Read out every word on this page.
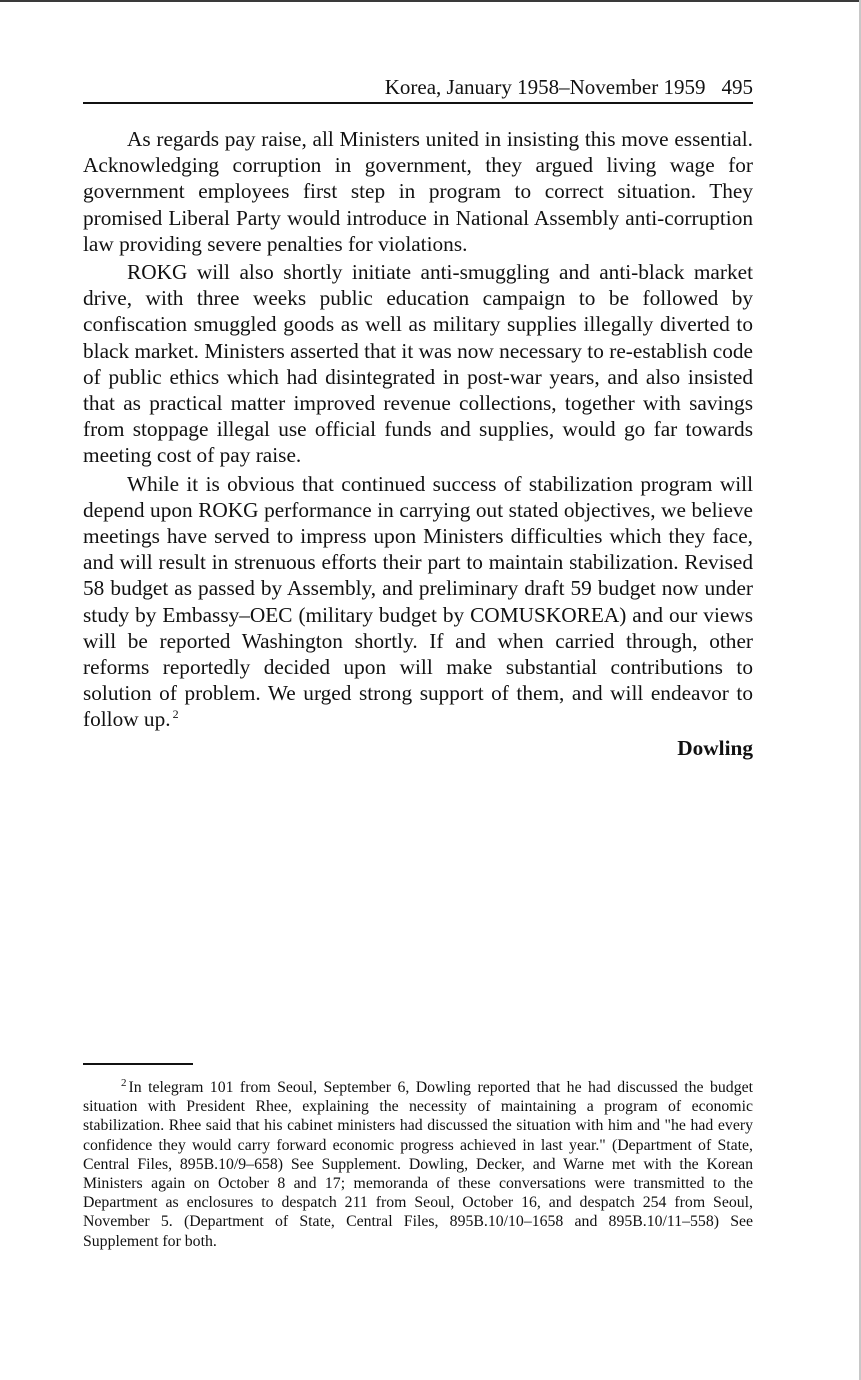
Korea, January 1958–November 1959 495

As regards pay raise, all Ministers united in insisting this move essential. Acknowledging corruption in government, they argued living wage for government employees first step in program to correct situation. They promised Liberal Party would introduce in National Assembly anti-corruption law providing severe penalties for violations.

ROKG will also shortly initiate anti-smuggling and anti-black market drive, with three weeks public education campaign to be followed by confiscation smuggled goods as well as military supplies illegally diverted to black market. Ministers asserted that it was now necessary to re-establish code of public ethics which had disintegrated in post-war years, and also insisted that as practical matter improved revenue collections, together with savings from stoppage illegal use official funds and supplies, would go far towards meeting cost of pay raise.

While it is obvious that continued success of stabilization program will depend upon ROKG performance in carrying out stated objectives, we believe meetings have served to impress upon Ministers difficulties which they face, and will result in strenuous efforts their part to maintain stabilization. Revised 58 budget as passed by Assembly, and preliminary draft 59 budget now under study by Embassy–OEC (military budget by COMUSKOREA) and our views will be reported Washington shortly. If and when carried through, other reforms reportedly decided upon will make substantial contributions to solution of problem. We urged strong support of them, and will endeavor to follow up. $^2$

Dowling

$^2$ In telegram 101 from Seoul, September 6, Dowling reported that he had discussed the budget situation with President Rhee, explaining the necessity of maintaining a program of economic stabilization. Rhee said that his cabinet ministers had discussed the situation with him and "he had every confidence they would carry forward economic progress achieved in last year." (Department of State, Central Files, 895B.10/9–658) See Supplement. Dowling, Decker, and Warne met with the Korean Ministers again on October 8 and 17; memoranda of these conversations were transmitted to the Department as enclosures to despatch 211 from Seoul, October 16, and despatch 254 from Seoul, November 5. (Department of State, Central Files, 895B.10/10–1658 and 895B.10/11–558) See Supplement for both.
